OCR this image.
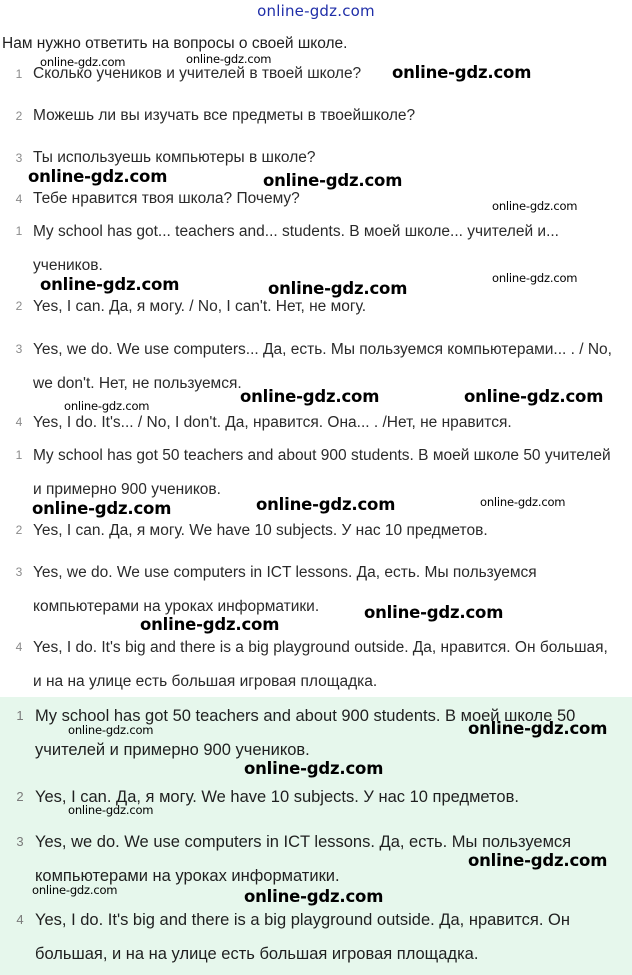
online-gdz.com
Нам нужно ответить на вопросы о своей школе.
1 Сколько учеников и учителей в твоей школе?

2 Можешь ли вы изучать все предметы в твоейшколе?

3 Ты используешь компьютеры в школе?

4 Тебе нравится твоя школа? Почему?

1 My school has got... teachers and... students. В моей школе... учителей и... учеников.

2 Yes, I can. Да, я могу. / No, I can't. Нет, не могу.

3 Yes, we do. We use computers... Да, есть. Мы пользуемся компьютерами... . / No, we don't. Нет, не пользуемся.

4 Yes, I do. It's... / No, I don't. Да, нравится. Она... . /Нет, не нравится.

1 My school has got 50 teachers and about 900 students. В моей школе 50 учителей и примерно 900 учеников.

2 Yes, I can. Да, я могу. We have 10 subjects. У нас 10 предметов.

3 Yes, we do. We use computers in ICT lessons. Да, есть. Мы пользуемся компьютерами на уроках информатики.

4 Yes, I do. It's big and there is a big playground outside. Да, нравится. Он большая, и на на улице есть большая игровая площадка.

1 My school has got 50 teachers and about 900 students. В моей школе 50 учителей и примерно 900 учеников.

2 Yes, I can. Да, я могу. We have 10 subjects. У нас 10 предметов.

3 Yes, we do. We use computers in ICT lessons. Да, есть. Мы пользуемся компьютерами на уроках информатики.

4 Yes, I do. It's big and there is a big playground outside. Да, нравится. Он большая, и на на улице есть большая игровая площадка.

online-gdz.com	online-gdz.com
online-gdz.com
online-gdz.com	online-gdz.com
online-gdz.com
online-gdz.com
online-gdz.com	online-gdz.com
online-gdz.com	online-gdz.com
online-gdz.com
online-gdz.com	online-gdz.com	online-gdz.com
online-gdz.com
online-gdz.com
online-gdz.com	online-gdz.com
online-gdz.com
online-gdz.com
online-gdz.com
online-gdz.com	online-gdz.com
